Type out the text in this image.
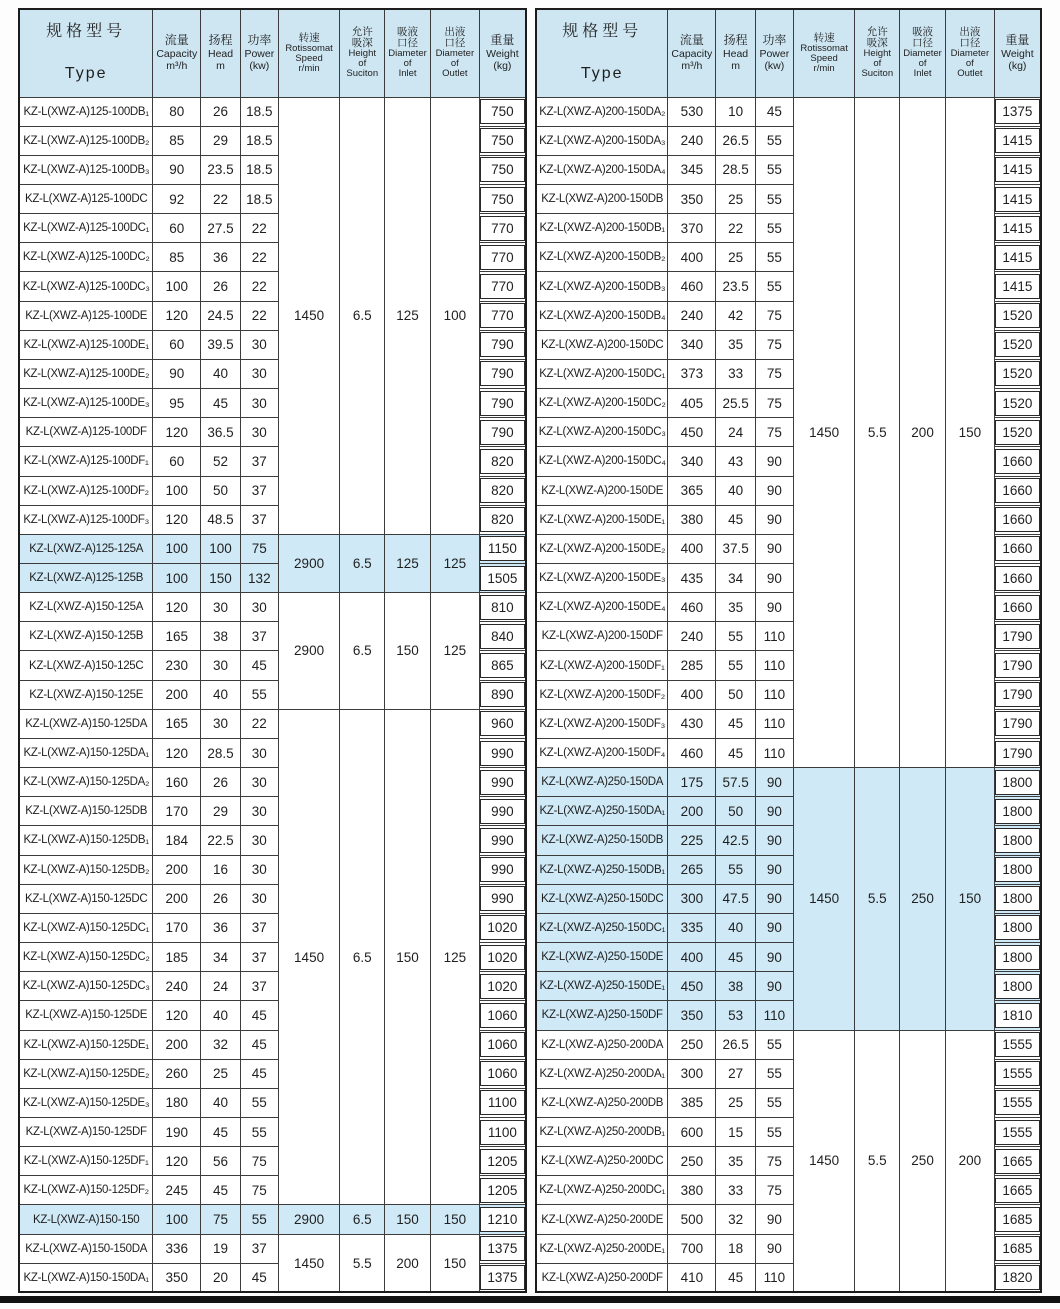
规格型号
Type

流量
Capacity
m³/h

扬程
Head
m

功率
Power
(kw)

转速
Rotissomat
Speed
r/min

允许
吸深
Height
of
Suciton

吸液
口径
Diameter
of
Inlet

出液
口径
Diameter
of
Outlet

重量
Weight
(kg)

KZ-L(XWZ-A)125-100DB₁	80	26	18.5	1450	6.5	125	100	750

KZ-L(XWZ-A)125-100DB₂	85	29	18.5					750

KZ-L(XWZ-A)125-100DB₃	90	23.5	18.5					750

KZ-L(XWZ-A)125-100DC	92	22	18.5					750

KZ-L(XWZ-A)125-100DC₁	60	27.5	22					770

KZ-L(XWZ-A)125-100DC₂	85	36	22					770

KZ-L(XWZ-A)125-100DC₃	100	26	22					770

KZ-L(XWZ-A)125-100DE	120	24.5	22					770

KZ-L(XWZ-A)125-100DE₁	60	39.5	30					790

KZ-L(XWZ-A)125-100DE₂	90	40	30					790

KZ-L(XWZ-A)125-100DE₃	95	45	30					790

KZ-L(XWZ-A)125-100DF	120	36.5	30					790

KZ-L(XWZ-A)125-100DF₁	60	52	37					820

KZ-L(XWZ-A)125-100DF₂	100	50	37					820

KZ-L(XWZ-A)125-100DF₃	120	48.5	37					820

KZ-L(XWZ-A)125-125A	100	100	75	2900	6.5	125	125	1150

KZ-L(XWZ-A)125-125B	100	150	132					1505

KZ-L(XWZ-A)150-125A	120	30	30	2900	6.5	150	125	810

KZ-L(XWZ-A)150-125B	165	38	37					840

KZ-L(XWZ-A)150-125C	230	30	45					865

KZ-L(XWZ-A)150-125E	200	40	55					890

KZ-L(XWZ-A)150-125DA	165	30	22	1450	6.5	150	125	960

KZ-L(XWZ-A)150-125DA₁	120	28.5	30					990

KZ-L(XWZ-A)150-125DA₂	160	26	30					990

KZ-L(XWZ-A)150-125DB	170	29	30					990

KZ-L(XWZ-A)150-125DB₁	184	22.5	30					990

KZ-L(XWZ-A)150-125DB₂	200	16	30					990

KZ-L(XWZ-A)150-125DC	200	26	30					990

KZ-L(XWZ-A)150-125DC₁	170	36	37					1020

KZ-L(XWZ-A)150-125DC₂	185	34	37					1020

KZ-L(XWZ-A)150-125DC₃	240	24	37					1020

KZ-L(XWZ-A)150-125DE	120	40	45					1060

KZ-L(XWZ-A)150-125DE₁	200	32	45					1060

KZ-L(XWZ-A)150-125DE₂	260	25	45					1060

KZ-L(XWZ-A)150-125DE₃	180	40	55					1100

KZ-L(XWZ-A)150-125DF	190	45	55					1100

KZ-L(XWZ-A)150-125DF₁	120	56	75					1205

KZ-L(XWZ-A)150-125DF₂	245	45	75					1205

KZ-L(XWZ-A)150-150	100	75	55	2900	6.5	150	150	1210

KZ-L(XWZ-A)150-150DA	336	19	37	1450	5.5	200	150	1375

KZ-L(XWZ-A)150-150DA₁	350	20	45					1375
规格型号
Type

流量
Capacity
m³/h

扬程
Head
m

功率
Power
(kw)

转速
Rotissomat
Speed
r/min

允许
吸深
Height
of
Suciton

吸液
口径
Diameter
of
Inlet

出液
口径
Diameter
of
Outlet

重量
Weight
(kg)

KZ-L(XWZ-A)200-150DA₂	530	10	45	1450	5.5	200	150	1375

KZ-L(XWZ-A)200-150DA₃	240	26.5	55					1415

KZ-L(XWZ-A)200-150DA₄	345	28.5	55					1415

KZ-L(XWZ-A)200-150DB	350	25	55					1415

KZ-L(XWZ-A)200-150DB₁	370	22	55					1415

KZ-L(XWZ-A)200-150DB₂	400	25	55					1415

KZ-L(XWZ-A)200-150DB₃	460	23.5	55					1415

KZ-L(XWZ-A)200-150DB₄	240	42	75					1520

KZ-L(XWZ-A)200-150DC	340	35	75					1520

KZ-L(XWZ-A)200-150DC₁	373	33	75					1520

KZ-L(XWZ-A)200-150DC₂	405	25.5	75					1520

KZ-L(XWZ-A)200-150DC₃	450	24	75					1520

KZ-L(XWZ-A)200-150DC₄	340	43	90					1660

KZ-L(XWZ-A)200-150DE	365	40	90					1660

KZ-L(XWZ-A)200-150DE₁	380	45	90					1660

KZ-L(XWZ-A)200-150DE₂	400	37.5	90					1660

KZ-L(XWZ-A)200-150DE₃	435	34	90					1660

KZ-L(XWZ-A)200-150DE₄	460	35	90					1660

KZ-L(XWZ-A)200-150DF	240	55	110					1790

KZ-L(XWZ-A)200-150DF₁	285	55	110					1790

KZ-L(XWZ-A)200-150DF₂	400	50	110					1790

KZ-L(XWZ-A)200-150DF₃	430	45	110					1790

KZ-L(XWZ-A)200-150DF₄	460	45	110					1790

KZ-L(XWZ-A)250-150DA	175	57.5	90	1450	5.5	250	150	1800

KZ-L(XWZ-A)250-150DA₁	200	50	90					1800

KZ-L(XWZ-A)250-150DB	225	42.5	90					1800

KZ-L(XWZ-A)250-150DB₁	265	55	90					1800

KZ-L(XWZ-A)250-150DC	300	47.5	90					1800

KZ-L(XWZ-A)250-150DC₁	335	40	90					1800

KZ-L(XWZ-A)250-150DE	400	45	90					1800

KZ-L(XWZ-A)250-150DE₁	450	38	90					1800

KZ-L(XWZ-A)250-150DF	350	53	110					1810

KZ-L(XWZ-A)250-200DA	250	26.5	55	1450	5.5	250	200	1555

KZ-L(XWZ-A)250-200DA₁	300	27	55					1555

KZ-L(XWZ-A)250-200DB	385	25	55					1555

KZ-L(XWZ-A)250-200DB₁	600	15	55					1555

KZ-L(XWZ-A)250-200DC	250	35	75					1665

KZ-L(XWZ-A)250-200DC₁	380	33	75					1665

KZ-L(XWZ-A)250-200DE	500	32	90					1685

KZ-L(XWZ-A)250-200DE₁	700	18	90					1685

KZ-L(XWZ-A)250-200DF	410	45	110					1820
